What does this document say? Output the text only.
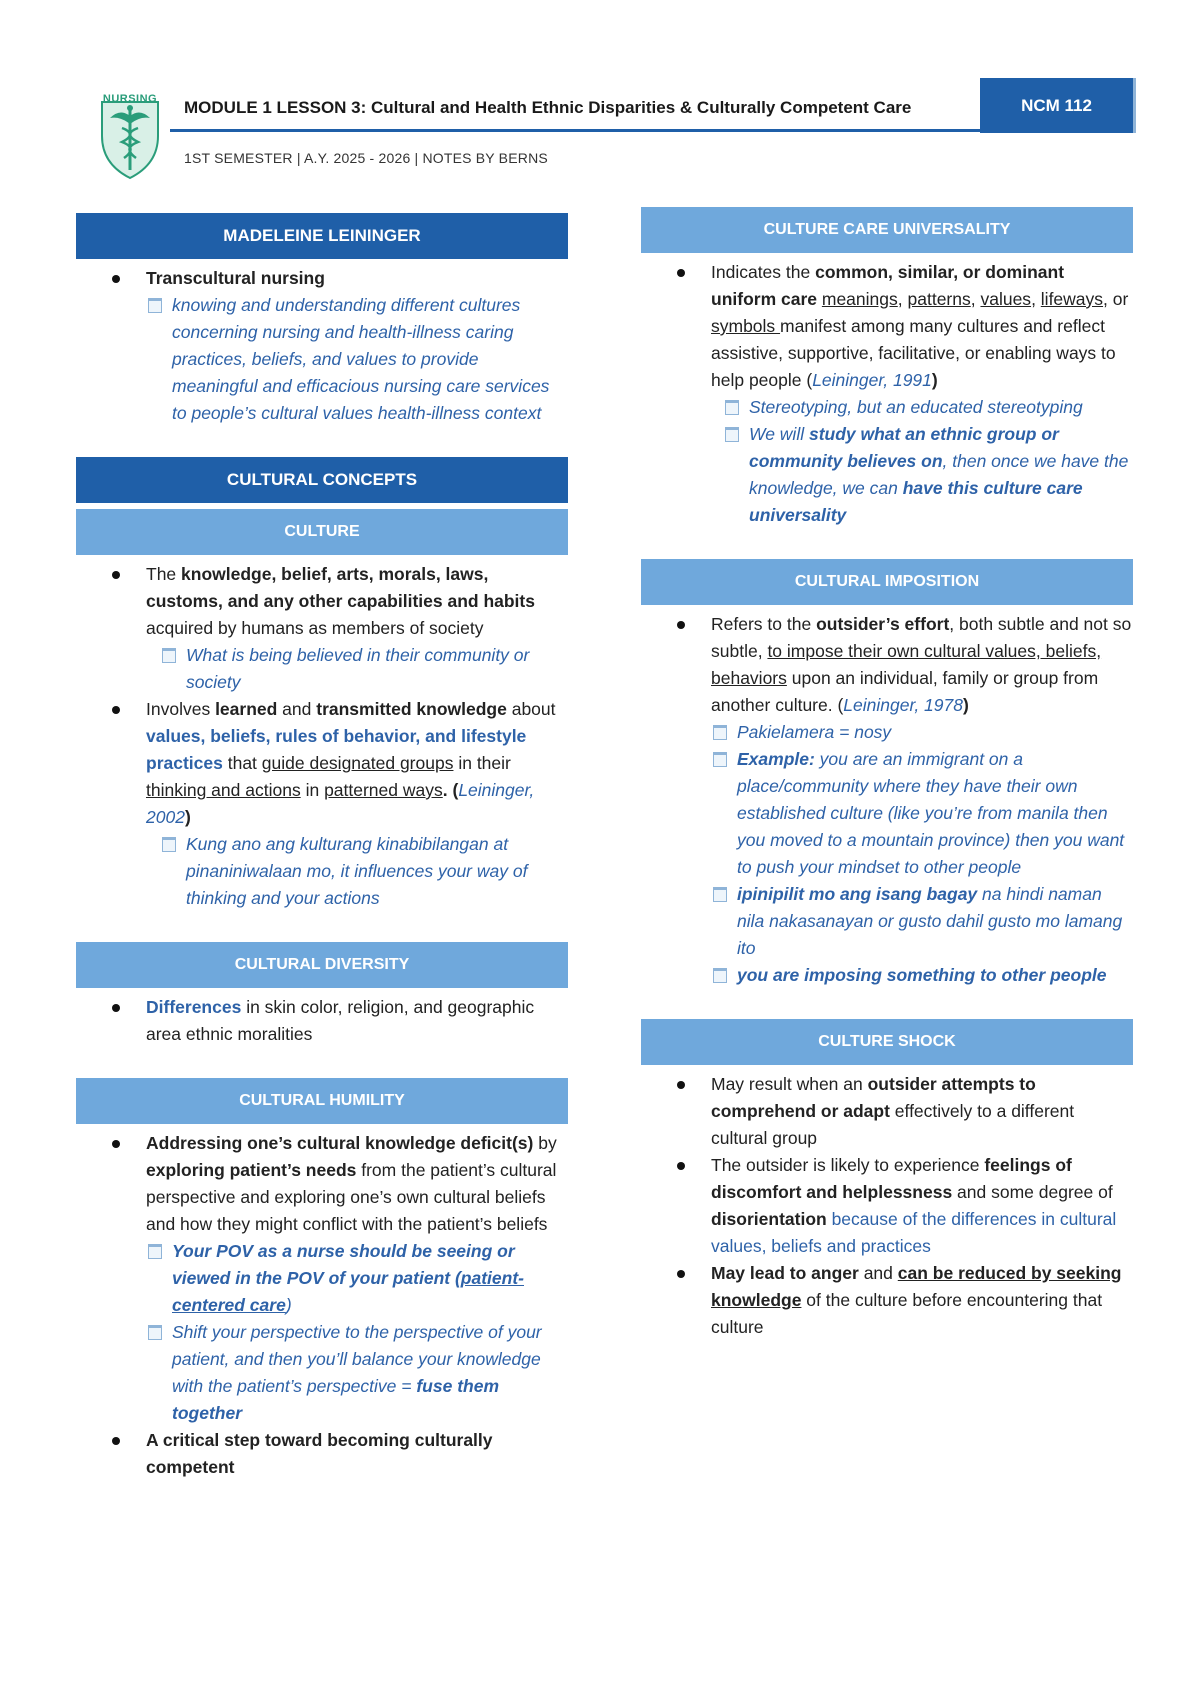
NURSING MODULE 1 LESSON 3: Cultural and Health Ethnic Disparities & Culturally Competent Care	NCM 112
1ST SEMESTER | A.Y. 2025 - 2026 | NOTES BY BERNS
MADELEINE LEININGER
Transcultural nursing
knowing and understanding different cultures concerning nursing and health-illness caring practices, beliefs, and values to provide meaningful and efficacious nursing care services to people’s cultural values health-illness context
CULTURAL CONCEPTS
CULTURE
The knowledge, belief, arts, morals, laws, customs, and any other capabilities and habits acquired by humans as members of society
What is being believed in their community or society
Involves learned and transmitted knowledge about values, beliefs, rules of behavior, and lifestyle practices that guide designated groups in their thinking and actions in patterned ways. (Leininger, 2002)
Kung ano ang kulturang kinabibilangan at pinaniniwalaan mo, it influences your way of thinking and your actions
CULTURAL DIVERSITY
Differences in skin color, religion, and geographic area ethnic moralities
CULTURAL HUMILITY
Addressing one’s cultural knowledge deficit(s) by exploring patient’s needs from the patient’s cultural perspective and exploring one’s own cultural beliefs and how they might conflict with the patient’s beliefs
Your POV as a nurse should be seeing or viewed in the POV of your patient (patient-centered care)
Shift your perspective to the perspective of your patient, and then you’ll balance your knowledge with the patient’s perspective = fuse them together
A critical step toward becoming culturally competent
CULTURE CARE UNIVERSALITY
Indicates the common, similar, or dominant uniform care meanings, patterns, values, lifeways, or symbols manifest among many cultures and reflect assistive, supportive, facilitative, or enabling ways to help people (Leininger, 1991)
Stereotyping, but an educated stereotyping
We will study what an ethnic group or community believes on, then once we have the knowledge, we can have this culture care universality
CULTURAL IMPOSITION
Refers to the outsider’s effort, both subtle and not so subtle, to impose their own cultural values, beliefs, behaviors upon an individual, family or group from another culture. (Leininger, 1978)
Pakielamera = nosy
Example: you are an immigrant on a place/community where they have their own established culture (like you’re from manila then you moved to a mountain province) then you want to push your mindset to other people
ipinipilit mo ang isang bagay na hindi naman nila nakasanayan or gusto dahil gusto mo lamang ito
you are imposing something to other people
CULTURE SHOCK
May result when an outsider attempts to comprehend or adapt effectively to a different cultural group
The outsider is likely to experience feelings of discomfort and helplessness and some degree of disorientation because of the differences in cultural values, beliefs and practices
May lead to anger and can be reduced by seeking knowledge of the culture before encountering that culture
